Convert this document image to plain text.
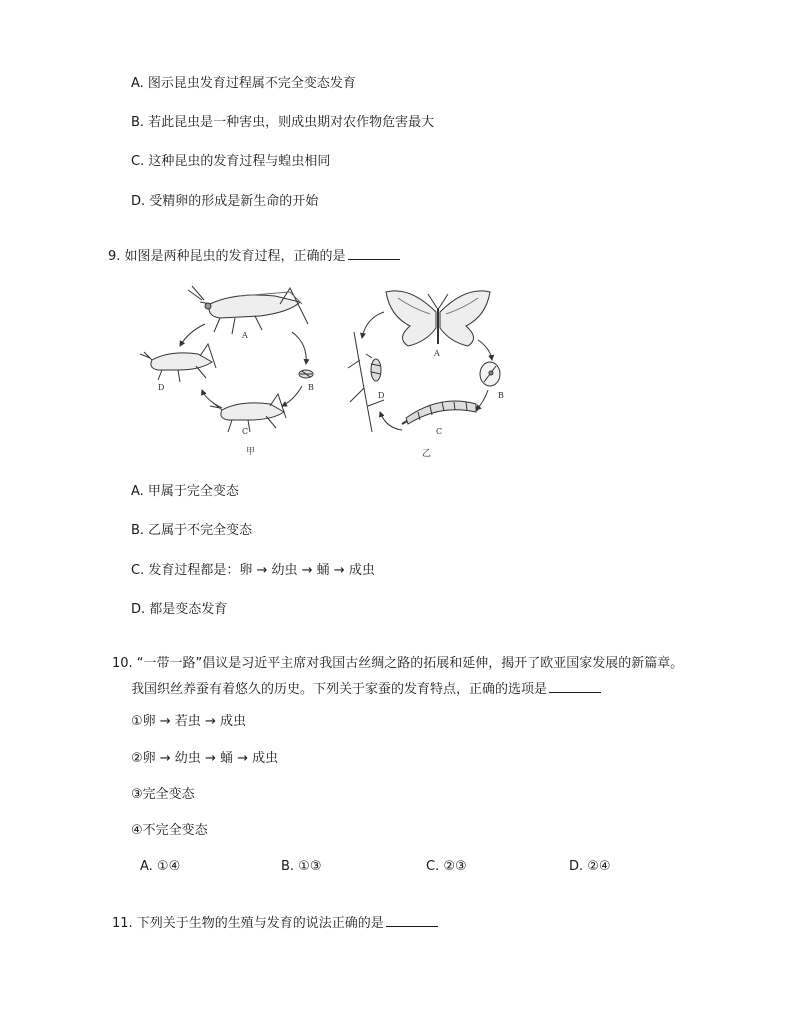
A. 图示昆虫发育过程属不完全变态发育
B. 若此昆虫是一种害虫，则成虫期对农作物危害最大
C. 这种昆虫的发育过程与蝗虫相同
D. 受精卵的形成是新生命的开始
9. 如图是两种昆虫的发育过程，正确的是
A
B
C
D
甲
A
B
C
D
乙
A. 甲属于完全变态
B. 乙属于不完全变态
C. 发育过程都是：卵 → 幼虫 → 蛹 → 成虫
D. 都是变态发育
10. “一带一路”倡议是习近平主席对我国古丝绸之路的拓展和延伸，揭开了欧亚国家发展的新篇章。
我国织丝养蚕有着悠久的历史。下列关于家蚕的发育特点，正确的选项是
①卵 → 若虫 → 成虫
②卵 → 幼虫 → 蛹 → 成虫
③完全变态
④不完全变态
A. ①④	B. ①③	C. ②③	D. ②④
11. 下列关于生物的生殖与发育的说法正确的是
